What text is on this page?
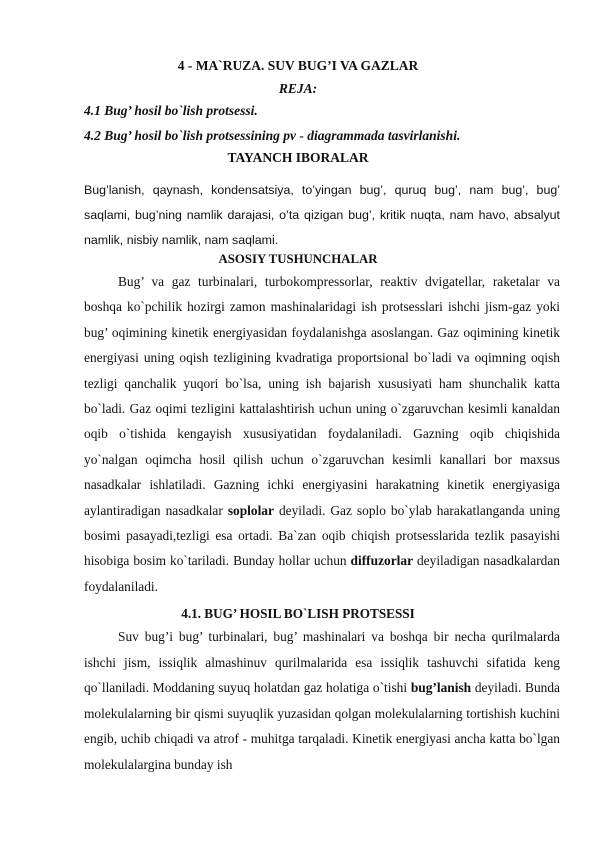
4 - MA`RUZA. SUV BUG’I VA GAZLAR
REJA:
4.1 Bug’ hosil bo`lish protsessi.
4.2 Bug’ hosil bo`lish protsessining pv - diagrammada tasvirlanishi.
TAYANCH IBORALAR
Bug’lanish, qaynash, kondensatsiya, to’yingan bug’, quruq bug’, nam bug’, bug’ saqlami, bug’ning namlik darajasi, o’ta qizigan bug’, kritik nuqta, nam havo, absalyut namlik, nisbiy namlik, nam saqlami.
ASOSIY TUSHUNCHALAR

Bug’ va gaz turbinalari, turbokompressorlar, reaktiv dvigatellar, raketalar va boshqa ko`pchilik hozirgi zamon mashinalaridagi ish protsesslari ishchi jism-gaz yoki bug’ oqimining kinetik energiyasidan foydalanishga asoslangan. Gaz oqimining kinetik energiyasi uning oqish tezligining kvadratiga proportsional bo`ladi va oqimning oqish tezligi qanchalik yuqori bo`lsa, uning ish bajarish xususiyati ham shunchalik katta bo`ladi. Gaz oqimi tezligini kattalashtirish uchun uning o`zgaruvchan kesimli kanaldan oqib o`tishida kengayish xususiyatidan foydalaniladi. Gazning oqib chiqishida yo`nalgan oqimcha hosil qilish uchun o`zgaruvchan kesimli kanallari bor maxsus nasadkalar ishlatiladi. Gazning ichki energiyasini harakatning kinetik energiyasiga aylantiradigan nasadkalar soplolar deyiladi. Gaz soplo bo`ylab harakatlanganda uning bosimi pasayadi,tezligi esa ortadi. Ba`zan oqib chiqish protsesslarida tezlik pasayishi hisobiga bosim ko`tariladi. Bunday hollar uchun diffuzorlar deyiladigan nasadkalardan foydalaniladi.

4.1. BUG’ HOSIL BO`LISH PROTSESSI

Suv bug’i bug’ turbinalari, bug’ mashinalari va boshqa bir necha qurilmalarda ishchi jism, issiqlik almashinuv qurilmalarida esa issiqlik tashuvchi sifatida keng qo`llaniladi. Moddaning suyuq holatdan gaz holatiga o`tishi bug’lanish deyiladi. Bunda molekulalarning bir qismi suyuqlik yuzasidan qolgan molekulalarning tortishish kuchini engib, uchib chiqadi va atrof - muhitga tarqaladi. Kinetik energiyasi ancha katta bo`lgan molekulalargina bunday ish
